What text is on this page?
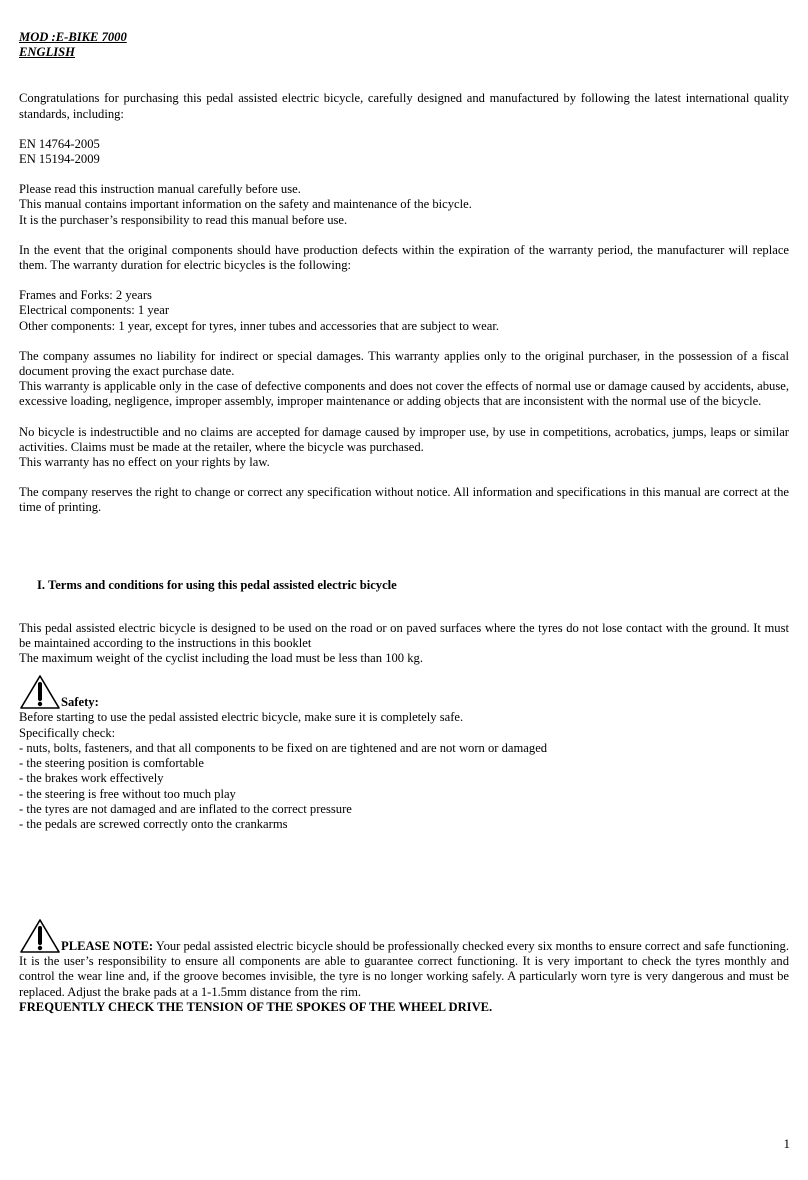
MOD :E-BIKE 7000
ENGLISH

Congratulations for purchasing this pedal assisted electric bicycle, carefully designed and manufactured by following the latest international quality standards, including:

EN 14764-2005

EN 15194-2009

Please read this instruction manual carefully before use.

This manual contains important information on the safety and maintenance of the bicycle.

It is the purchaser’s responsibility to read this manual before use.

In the event that the original components should have production defects within the expiration of the warranty period, the manufacturer will replace them. The warranty duration for electric bicycles is the following:

Frames and Forks: 2 years

Electrical components: 1 year

Other components: 1 year, except for tyres, inner tubes and accessories that are subject to wear.

The company assumes no liability for indirect or special damages. This warranty applies only to the original purchaser, in the possession of a fiscal document proving the exact purchase date.

This warranty is applicable only in the case of defective components and does not cover the effects of normal use or damage caused by accidents, abuse, excessive loading, negligence, improper assembly, improper maintenance or adding objects that are inconsistent with the normal use of the bicycle.

No bicycle is indestructible and no claims are accepted for damage caused by improper use, by use in competitions, acrobatics, jumps, leaps or similar activities. Claims must be made at the retailer, where the bicycle was purchased.

This warranty has no effect on your rights by law.

The company reserves the right to change or correct any specification without notice. All information and specifications in this manual are correct at the time of printing.

I. Terms and conditions for using this pedal assisted electric bicycle

This pedal assisted electric bicycle is designed to be used on the road or on paved surfaces where the tyres do not lose contact with the ground. It must be maintained according to the instructions in this booklet

The maximum weight of the cyclist including the load must be less than 100 kg.

Safety:

Before starting to use the pedal assisted electric bicycle, make sure it is completely safe.

Specifically check:

- nuts, bolts, fasteners, and that all components to be fixed on are tightened and are not worn or damaged

- the steering position is comfortable

- the brakes work effectively

- the steering is free without too much play

- the tyres are not damaged and are inflated to the correct pressure

- the pedals are screwed correctly onto the crankarms

PLEASE NOTE: Your pedal assisted electric bicycle should be professionally checked every six months to ensure correct and safe functioning. It is the user’s responsibility to ensure all components are able to guarantee correct functioning. It is very important to check the tyres monthly and control the wear line and, if the groove becomes invisible, the tyre is no longer working safely. A particularly worn tyre is very dangerous and must be replaced. Adjust the brake pads at a 1-1.5mm distance from the rim.

FREQUENTLY CHECK THE TENSION OF THE SPOKES OF THE WHEEL DRIVE.

1
